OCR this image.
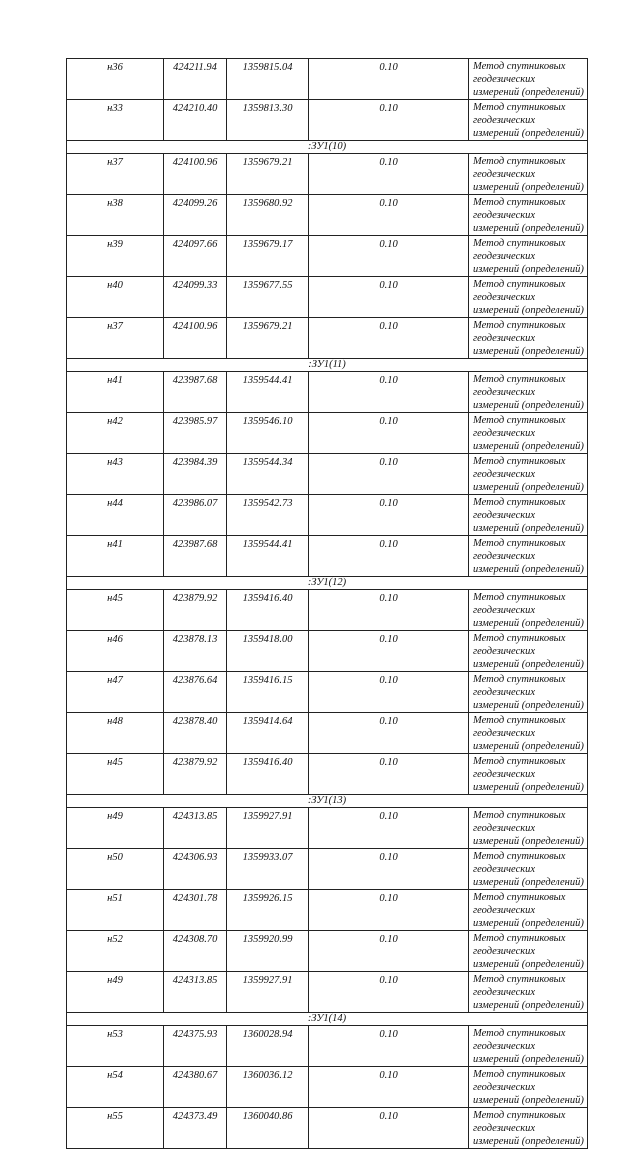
н36	424211.94	1359815.04	0.10	Метод спутниковых геодезических
измерений (определений)

н33	424210.40	1359813.30	0.10	Метод спутниковых геодезических
измерений (определений)

:ЗУ1(10)				
н37	424100.96	1359679.21	0.10	Метод спутниковых геодезических
измерений (определений)

н38	424099.26	1359680.92	0.10	Метод спутниковых геодезических
измерений (определений)

н39	424097.66	1359679.17	0.10	Метод спутниковых геодезических
измерений (определений)

н40	424099.33	1359677.55	0.10	Метод спутниковых геодезических
измерений (определений)

н37	424100.96	1359679.21	0.10	Метод спутниковых геодезических
измерений (определений)

:ЗУ1(11)				
н41	423987.68	1359544.41	0.10	Метод спутниковых геодезических
измерений (определений)

н42	423985.97	1359546.10	0.10	Метод спутниковых геодезических
измерений (определений)

н43	423984.39	1359544.34	0.10	Метод спутниковых геодезических
измерений (определений)

н44	423986.07	1359542.73	0.10	Метод спутниковых геодезических
измерений (определений)

н41	423987.68	1359544.41	0.10	Метод спутниковых геодезических
измерений (определений)

:ЗУ1(12)				
н45	423879.92	1359416.40	0.10	Метод спутниковых геодезических
измерений (определений)

н46	423878.13	1359418.00	0.10	Метод спутниковых геодезических
измерений (определений)

н47	423876.64	1359416.15	0.10	Метод спутниковых геодезических
измерений (определений)

н48	423878.40	1359414.64	0.10	Метод спутниковых геодезических
измерений (определений)

н45	423879.92	1359416.40	0.10	Метод спутниковых геодезических
измерений (определений)

:ЗУ1(13)				
н49	424313.85	1359927.91	0.10	Метод спутниковых геодезических
измерений (определений)

н50	424306.93	1359933.07	0.10	Метод спутниковых геодезических
измерений (определений)

н51	424301.78	1359926.15	0.10	Метод спутниковых геодезических
измерений (определений)

н52	424308.70	1359920.99	0.10	Метод спутниковых геодезических
измерений (определений)

н49	424313.85	1359927.91	0.10	Метод спутниковых геодезических
измерений (определений)

:ЗУ1(14)				
н53	424375.93	1360028.94	0.10	Метод спутниковых геодезических
измерений (определений)

н54	424380.67	1360036.12	0.10	Метод спутниковых геодезических
измерений (определений)

н55	424373.49	1360040.86	0.10	Метод спутниковых геодезических
измерений (определений)
